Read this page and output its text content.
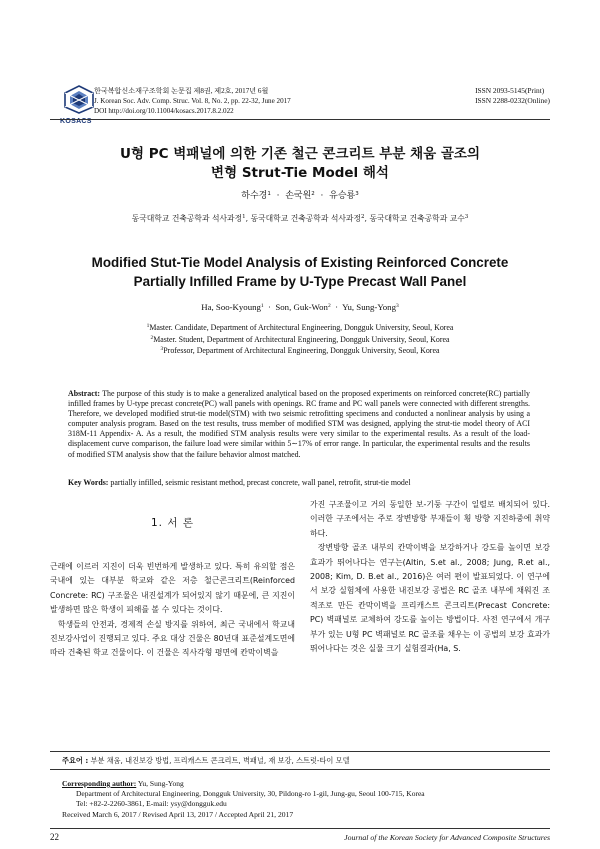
KOSACS
한국복합신소재구조학회 논문집 제8권, 제2호, 2017년 6월
J. Korean Soc. Adv. Comp. Struc. Vol. 8, No. 2, pp. 22-32, June 2017
DOI http://doi.org/10.11004/kosacs.2017.8.2.022
ISSN 2093-5145(Print)
ISSN 2288-0232(Online)
U형 PC 벽패널에 의한 기존 철근 콘크리트 부분 채움 골조의
변형 Strut-Tie Model 해석
하수경$^1$ · 손국원$^2$ · 유승룡$^3$
동국대학교 건축공학과 석사과정$^1$, 동국대학교 건축공학과 석사과정$^2$, 동국대학교 건축공학과 교수$^3$
Modified Stut-Tie Model Analysis of Existing Reinforced Concrete
Partially Infilled Frame by U-Type Precast Wall Panel
Ha, Soo-Kyoung$^1$ · Son, Guk-Won$^2$ · Yu, Sung-Yong$^3$
$^1$Master. Candidate, Department of Architectural Engineering, Dongguk University, Seoul, Korea
$^2$Master. Student, Department of Architectural Engineering, Dongguk University, Seoul, Korea
$^3$Professor, Department of Architectural Engineering, Dongguk University, Seoul, Korea
Abstract: The purpose of this study is to make a generalized analytical based on the proposed experiments on reinforced concrete(RC) partially infilled frames by U-type precast concrete(PC) wall panels with openings. RC frame and PC wall panels were connected with different strengths. Therefore, we developed modified strut-tie model(STM) with two seismic retrofitting specimens and conducted a nonlinear analysis by using a computer analysis program. Based on the test results, truss member of modified STM was designed, applying the strut-tie model theory of ACI 318M-11 Appendix- A. As a result, the modified STM analysis results were very similar to the experimental results. As a result of the load-displacement curve comparison, the failure load were similar within 5∼17% of error range. In particular, the experimental results and the results of modified STM analysis show that the failure behavior almost matched.
Key Words: partially infilled, seismic resistant method, precast concrete, wall panel, retrofit, strut-tie model
1. 서 론

근래에 이르러 지진이 더욱 빈번하게 발생하고 있다. 특히 유의할 점은 국내에 있는 대부분 학교와 같은 저층 철근콘크리트(Reinforced Concrete: RC) 구조물은 내진설계가 되어있지 않기 때문에, 큰 지진이 발생하면 많은 학생이 피해를 볼 수 있다는 것이다.

학생들의 안전과, 경제적 손실 방지를 위하여, 최근 국내에서 학교내진보강사업이 진행되고 있다. 주요 대상 건물은 80년대 표준설계도면에 따라 건축된 학교 건물이다. 이 건물은 직사각형 평면에 칸막이벽을

가진 구조물이고 거의 동일한 보-기둥 구간이 일렬로 배치되어 있다. 이러한 구조에서는 주로 장변방향 부재들이 횡 방향 지진하중에 취약하다.

장변방향 골조 내부의 칸막이벽을 보강하거나 강도를 높이면 보강 효과가 뛰어나다는 연구는(Altin, S.et al., 2008; Jung, R.et al., 2008; Kim, D. B.et al., 2016)은 여러 편이 발표되었다. 이 연구에서 보강 실험체에 사용한 내진보강 공법은 RC 골조 내부에 채워진 조적조로 만든 칸막이벽을 프리캐스트 콘크리트(Precast Concrete: PC) 벽패널로 교체하여 강도를 높이는 방법이다. 사전 연구에서 개구부가 있는 U형 PC 벽패널로 RC 골조를 채우는 이 공법의 보강 효과가 뛰어나다는 것은 실물 크기 실험결과(Ha, S.

주요어 : 부분 채움, 내진보강 방법, 프리캐스트 콘크리트, 벽패널, 재 보강, 스트럿-타이 모델
Corresponding author: Yu, Sung-Yong
Department of Architectural Engineering, Dongguk University, 30, Pildong-ro 1-gil, Jung-gu, Seoul 100-715, Korea
Tel: +82-2-2260-3861, E-mail: ysy@dongguk.edu
Received March 6, 2017 / Revised April 13, 2017 / Accepted April 21, 2017
22	Journal of the Korean Society for Advanced Composite Structures
